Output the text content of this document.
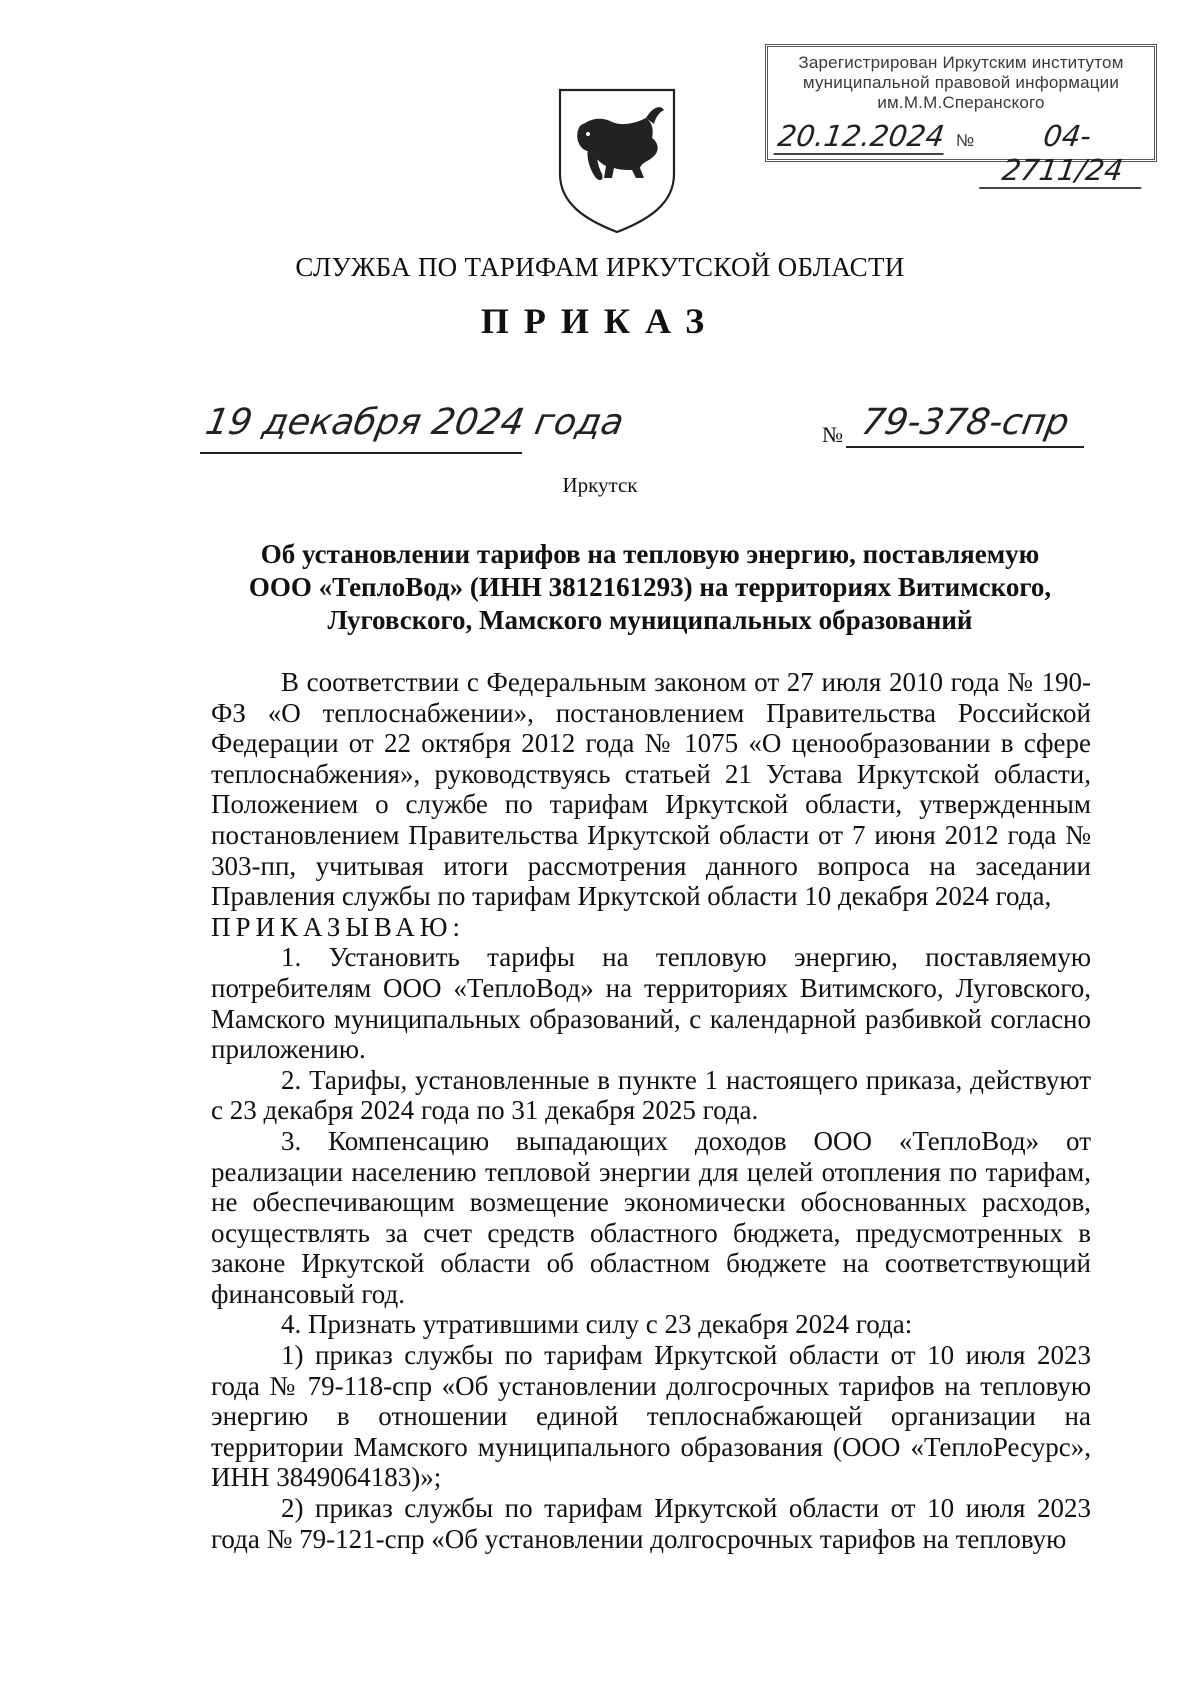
Зарегистрирован Иркутским институтом
муниципальной правовой информации
им.М.М.Сперанского
20.12.2024 №	04-2711/24
СЛУЖБА ПО ТАРИФАМ ИРКУТСКОЙ ОБЛАСТИ
ПРИКАЗ
19 декабря 2024 года	№ 79-378-спр
Иркутск
Об установлении тарифов на тепловую энергию, поставляемую
ООО «ТеплоВод» (ИНН 3812161293) на территориях Витимского,
Луговского, Мамского муниципальных образований

В соответствии с Федеральным законом от 27 июля 2010 года № 190-ФЗ «О теплоснабжении», постановлением Правительства Российской Федерации от 22 октября 2012 года № 1075 «О ценообразовании в сфере теплоснабжения», руководствуясь статьей 21 Устава Иркутской области, Положением о службе по тарифам Иркутской области, утвержденным постановлением Правительства Иркутской области от 7 июня 2012 года № 303-пп, учитывая итоги рассмотрения данного вопроса на заседании Правления службы по тарифам Иркутской области 10 декабря 2024 года,

ПРИКАЗЫВАЮ:

1. Установить тарифы на тепловую энергию, поставляемую потребителям ООО «ТеплоВод» на территориях Витимского, Луговского, Мамского муниципальных образований, с календарной разбивкой согласно приложению.

2. Тарифы, установленные в пункте 1 настоящего приказа, действуют с 23 декабря 2024 года по 31 декабря 2025 года.

3. Компенсацию выпадающих доходов ООО «ТеплоВод» от реализации населению тепловой энергии для целей отопления по тарифам, не обеспечивающим возмещение экономически обоснованных расходов, осуществлять за счет средств областного бюджета, предусмотренных в законе Иркутской области об областном бюджете на соответствующий финансовый год.

4. Признать утратившими силу с 23 декабря 2024 года:

1) приказ службы по тарифам Иркутской области от 10 июля 2023 года № 79-118-спр «Об установлении долгосрочных тарифов на тепловую энергию в отношении единой теплоснабжающей организации на территории Мамского муниципального образования (ООО «ТеплоРесурс», ИНН 3849064183)»;

2) приказ службы по тарифам Иркутской области от 10 июля 2023 года № 79-121-спр «Об установлении долгосрочных тарифов на тепловую
